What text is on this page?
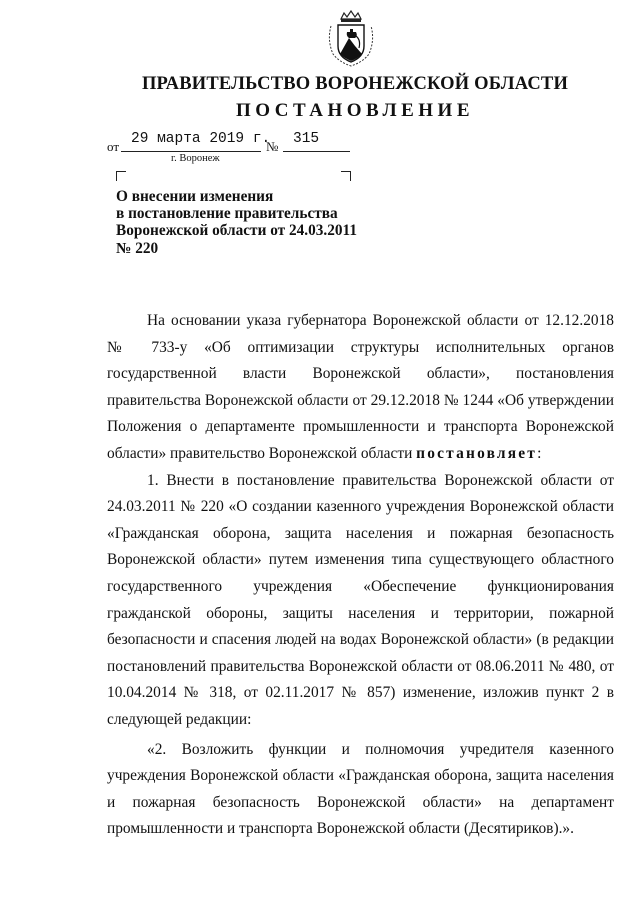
ПРАВИТЕЛЬСТВО ВОРОНЕЖСКОЙ ОБЛАСТИ
ПОСТАНОВЛЕНИЕ
от 29 марта 2019 г.
№ 315
г. Воронеж
О внесении изменения
в постановление правительства
Воронежской области от 24.03.2011
№ 220

На основании указа губернатора Воронежской области от 12.12.2018 № 733-у «Об оптимизации структуры исполнительных органов государственной власти Воронежской области», постановления правительства Воронежской области от 29.12.2018 № 1244 «Об утверждении Положения о департаменте промышленности и транспорта Воронежской области» правительство Воронежской области постановляет:

1. Внести в постановление правительства Воронежской области от 24.03.2011 № 220 «О создании казенного учреждения Воронежской области «Гражданская оборона, защита населения и пожарная безопасность Воронежской области» путем изменения типа существующего областного государственного учреждения «Обеспечение функционирования гражданской обороны, защиты населения и территории, пожарной безопасности и спасения людей на водах Воронежской области» (в редакции постановлений правительства Воронежской области от 08.06.2011 № 480, от 10.04.2014 № 318, от 02.11.2017 № 857) изменение, изложив пункт 2 в следующей редакции:

«2. Возложить функции и полномочия учредителя казенного учреждения Воронежской области «Гражданская оборона, защита населения и пожарная безопасность Воронежской области» на департамент промышленности и транспорта Воронежской области (Десятириков).».
